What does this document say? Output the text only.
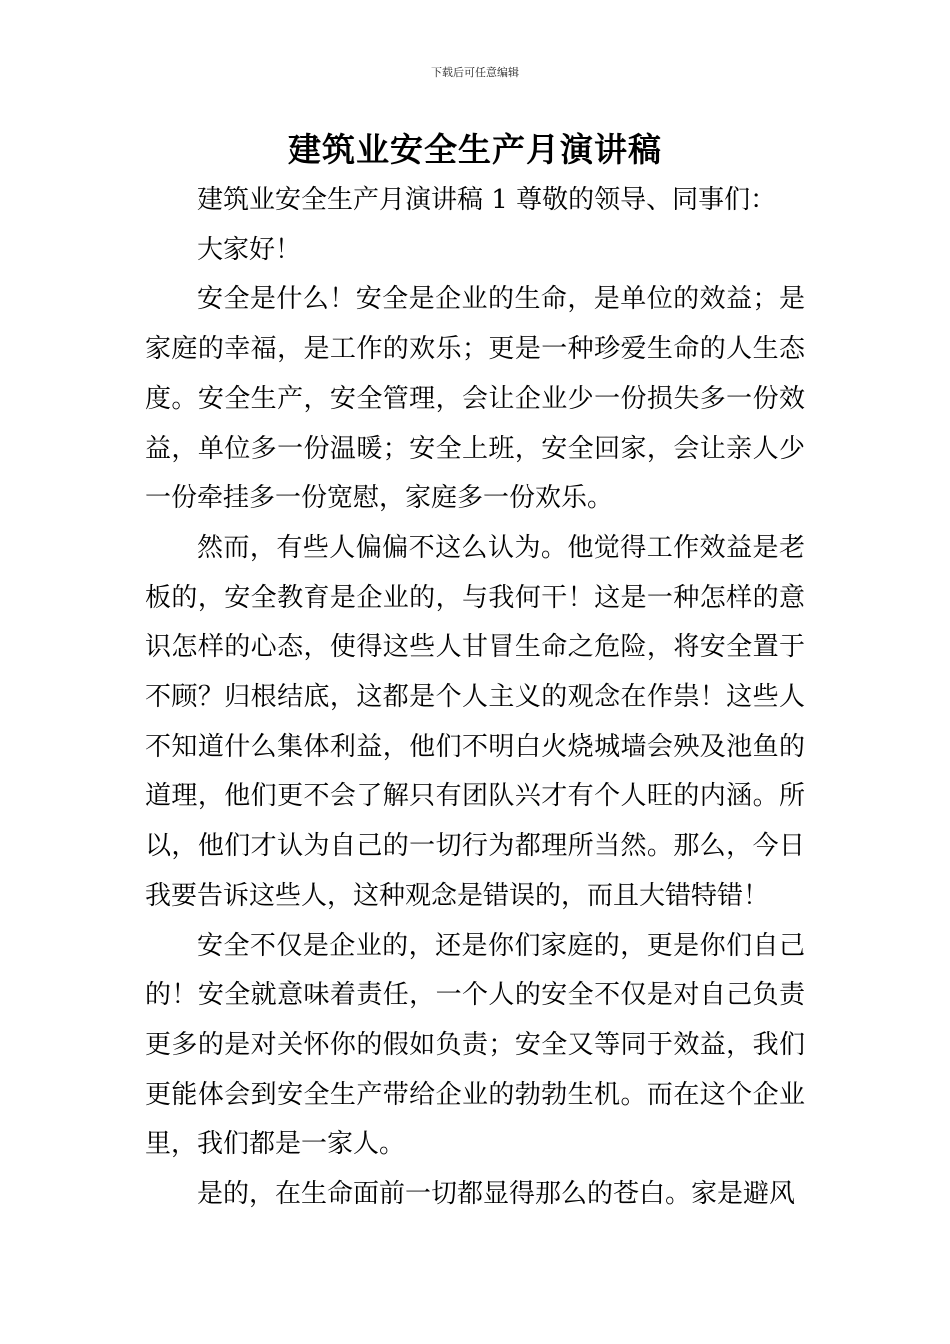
下载后可任意编辑
建筑业安全生产月演讲稿

建筑业安全生产月演讲稿 1 尊敬的领导、同事们：

大家好！

安全是什么！安全是企业的生命，是单位的效益；是家庭的幸福，是工作的欢乐；更是一种珍爱生命的人生态度。安全生产，安全管理，会让企业少一份损失多一份效益，单位多一份温暖；安全上班，安全回家，会让亲人少一份牵挂多一份宽慰，家庭多一份欢乐。

然而，有些人偏偏不这么认为。他觉得工作效益是老板的，安全教育是企业的，与我何干！这是一种怎样的意识怎样的心态，使得这些人甘冒生命之危险，将安全置于不顾？归根结底，这都是个人主义的观念在作祟！这些人不知道什么集体利益，他们不明白火烧城墙会殃及池鱼的道理，他们更不会了解只有团队兴才有个人旺的内涵。所以，他们才认为自己的一切行为都理所当然。那么，今日我要告诉这些人，这种观念是错误的，而且大错特错！

安全不仅是企业的，还是你们家庭的，更是你们自己的！安全就意味着责任，一个人的安全不仅是对自己负责更多的是对关怀你的假如负责；安全又等同于效益，我们更能体会到安全生产带给企业的勃勃生机。而在这个企业里，我们都是一家人。

是的，在生命面前一切都显得那么的苍白。家是避风
